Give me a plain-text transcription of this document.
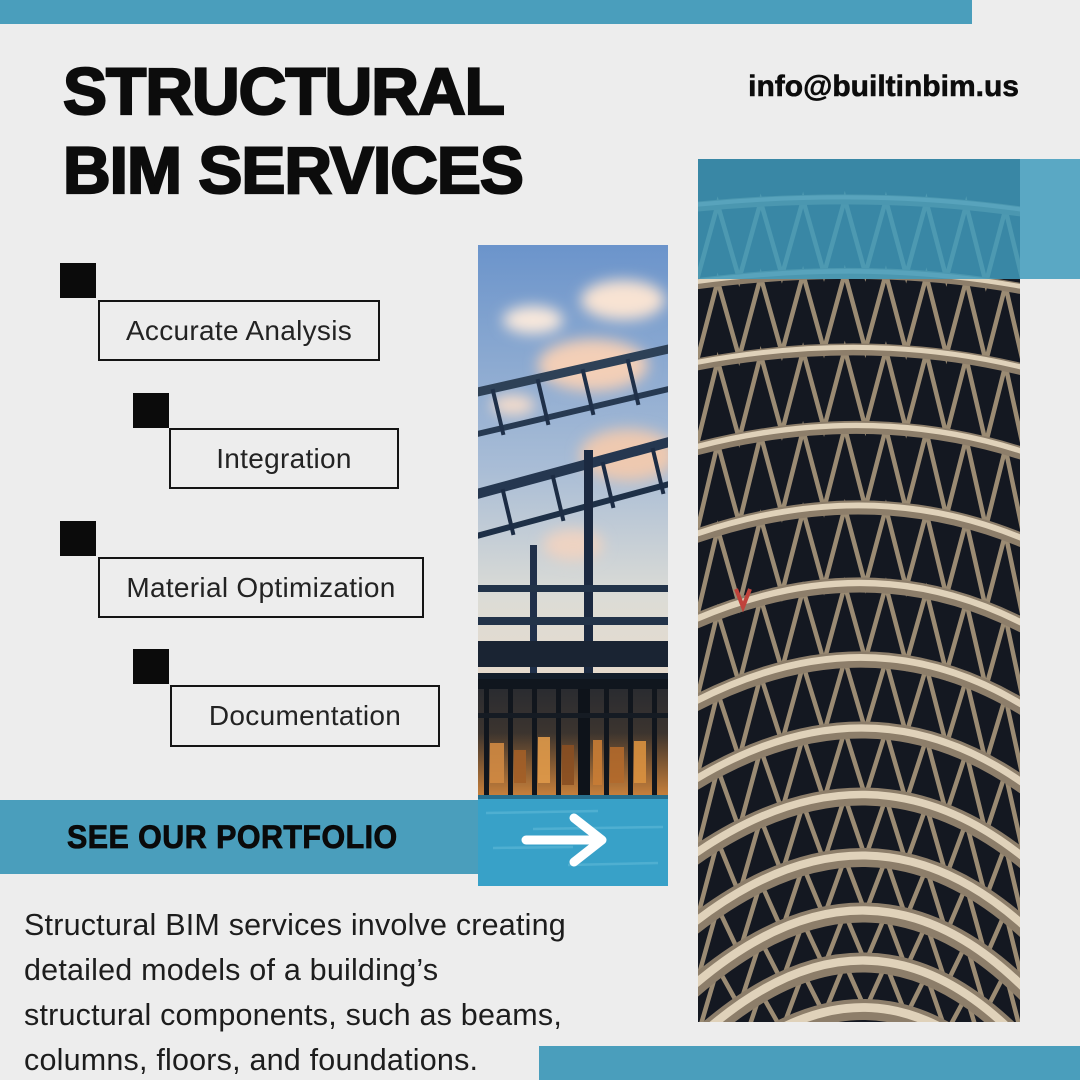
STRUCTURAL
BIM SERVICES
info@builtinbim.us
Accurate Analysis
Integration
Material Optimization
Documentation
SEE OUR PORTFOLIO
Structural BIM services involve creating
detailed models of a building’s
structural components, such as beams,
columns, floors, and foundations.
